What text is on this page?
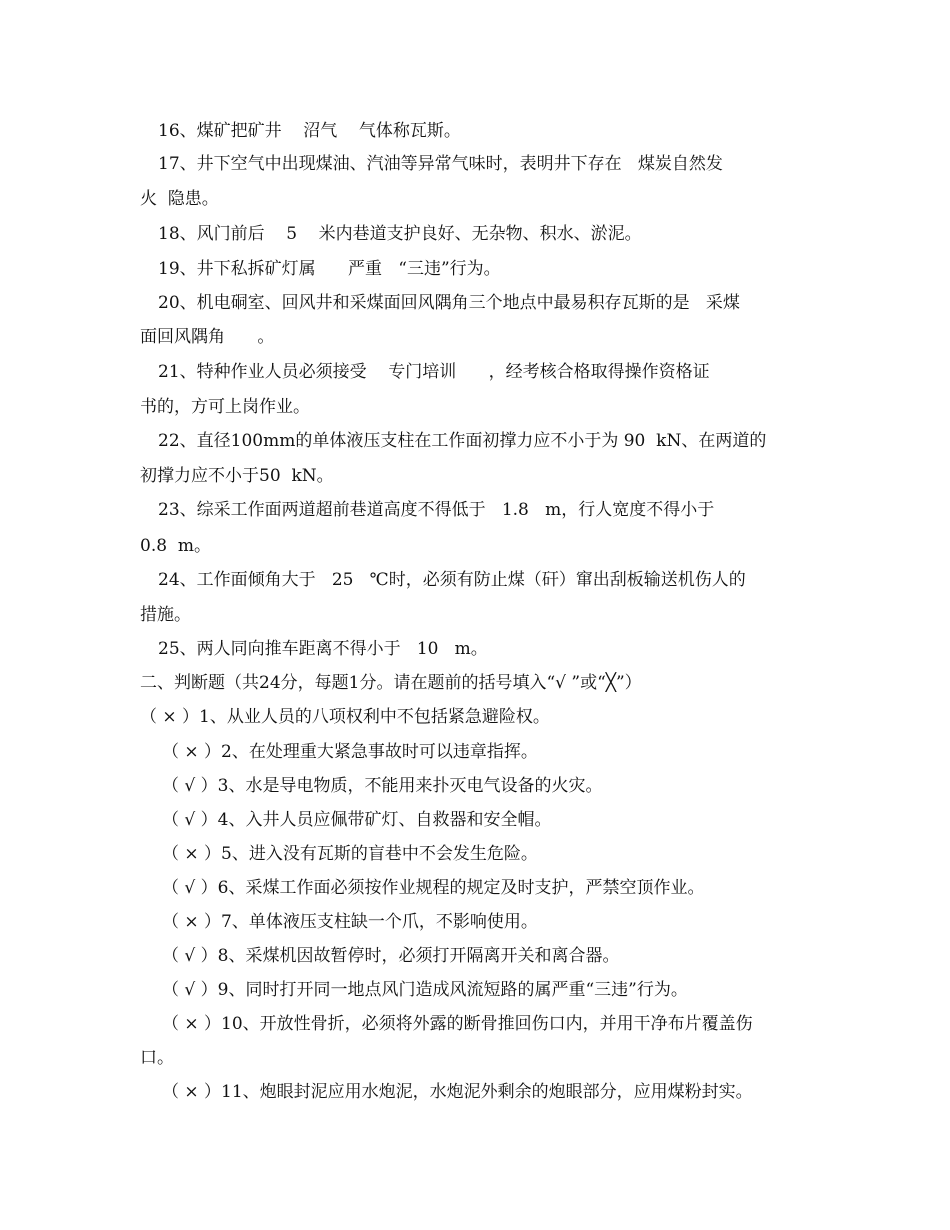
16、煤矿把矿井    沼气    气体称瓦斯。
17、井下空气中出现煤油、汽油等异常气味时，表明井下存在   煤炭自然发
火  隐患。
18、风门前后    5    米内巷道支护良好、无杂物、积水、淤泥。
19、井下私拆矿灯属      严重   “三违”行为。
20、机电硐室、回风井和采煤面回风隅角三个地点中最易积存瓦斯的是   采煤
面回风隅角      。
21、特种作业人员必须接受    专门培训      ，经考核合格取得操作资格证
书的，方可上岗作业。
22、直径100mm的单体液压支柱在工作面初撑力应不小于为 90  kN、在两道的
初撑力应不小于50  kN。
23、综采工作面两道超前巷道高度不得低于   1.8   m，行人宽度不得小于
0.8  m。
24、工作面倾角大于   25   ℃时，必须有防止煤（矸）窜出刮板输送机伤人的
措施。
25、两人同向推车距离不得小于   10   m。
二、判断题（共24分，每题1分。请在题前的括号填入“√ ”或“╳”）
（ × ）1、从业人员的八项权利中不包括紧急避险权。
（ × ）2、在处理重大紧急事故时可以违章指挥。
（ √ ）3、水是导电物质，不能用来扑灭电气设备的火灾。
（ √ ）4、入井人员应佩带矿灯、自救器和安全帽。
（ × ）5、进入没有瓦斯的盲巷中不会发生危险。
（ √ ）6、采煤工作面必须按作业规程的规定及时支护，严禁空顶作业。
（ × ）7、单体液压支柱缺一个爪，不影响使用。
（ √ ）8、采煤机因故暂停时，必须打开隔离开关和离合器。
（ √ ）9、同时打开同一地点风门造成风流短路的属严重“三违”行为。
（ × ）10、开放性骨折，必须将外露的断骨推回伤口内，并用干净布片覆盖伤
口。
（ × ）11、炮眼封泥应用水炮泥，水炮泥外剩余的炮眼部分，应用煤粉封实。
